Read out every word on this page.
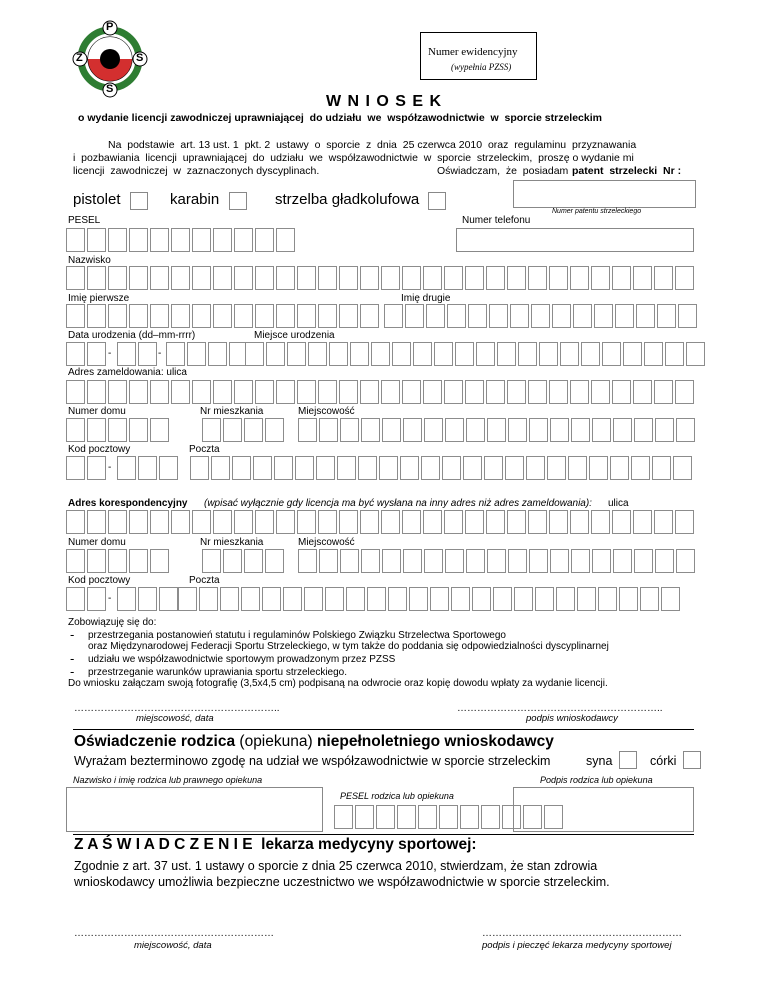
P
Z	S
S
Numer ewidencyjny
(wypełnia PZSS)
W N I O S E K
o wydanie licencji zawodniczej uprawniającej  do udziału  we  współzawodnictwie  w  sporcie strzeleckim
Na  podstawie  art. 13 ust. 1  pkt. 2  ustawy  o  sporcie  z  dnia  25 czerwca 2010  oraz  regulaminu  przyznawania
i  pozbawiania  licencji  uprawniającej  do  udziału  we  współzawodnictwie  w  sporcie  strzeleckim,  proszę o wydanie mi
licencji  zawodniczej  w  zaznaczonych dyscyplinach.	Oświadczam,  że  posiadam patent  strzelecki  Nr :
pistolet	karabin	strzelba gładkolufowa
Numer patentu strzeleckiego
PESEL	Numer telefonu
Nazwisko
Imię pierwsze	Imię drugie
Data urodzenia (dd–mm-rrrr)	Miejsce urodzenia
-	-
Adres zameldowania: ulica
Numer domu	Nr mieszkania	Miejscowość
Kod pocztowy	Poczta
-
Adres korespondencyjny (wpisać wyłącznie gdy licencja ma być wysłana na inny adres niż adres zameldowania): ulica
Numer domu	Nr mieszkania	Miejscowość
Kod pocztowy	Poczta
-
Zobowiązuję się do:
- przestrzegania postanowień statutu i regulaminów Polskiego Związku Strzelectwa Sportowego
oraz Międzynarodowej Federacji Sportu Strzeleckiego, w tym także do poddania się odpowiedzialności dyscyplinarnej
- udziału we współzawodnictwie sportowym prowadzonym przez PZSS
- przestrzeganie warunków uprawiania sportu strzeleckiego.
Do wniosku załączam swoją fotografię (3,5x4,5 cm) podpisaną na odwrocie oraz kopię dowodu wpłaty za wydanie licencji.
……………………………………………………..
miejscowość, data
……………………………………………………..
podpis wnioskodawcy
Oświadczenie rodzica (opiekuna) niepełnoletniego wnioskodawcy
Wyrażam bezterminowo zgodę na udział we współzawodnictwie w sporcie strzeleckim	syna	córki
Nazwisko i imię rodzica lub prawnego opiekuna	Podpis rodzica lub opiekuna
PESEL rodzica lub opiekuna
Z A Ś W I A D C Z E N I E lekarza medycyny sportowej:
Zgodnie z art. 37 ust. 1 ustawy o sporcie z dnia 25 czerwca 2010, stwierdzam, że stan zdrowia
wnioskodawcy umożliwia bezpieczne uczestnictwo we współzawodnictwie w sporcie strzeleckim.
……………………………………………………
miejscowość, data
……………………………………………………
podpis i pieczęć lekarza medycyny sportowej
